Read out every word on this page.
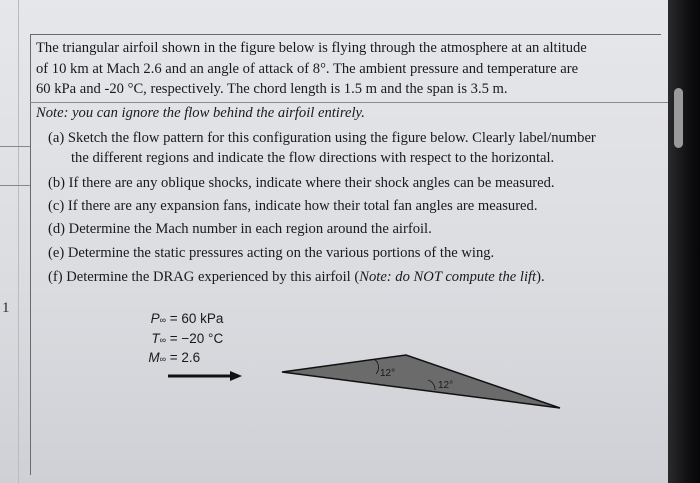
1
The triangular airfoil shown in the figure below is flying through the atmosphere at an altitude
of 10 km at Mach 2.6 and an angle of attack of 8°. The ambient pressure and temperature are
60 kPa and -20 °C, respectively. The chord length is 1.5 m and the span is 3.5 m.
Note: you can ignore the flow behind the airfoil entirely.
(a) Sketch the flow pattern for this configuration using the figure below. Clearly label/number
the different regions and indicate the flow directions with respect to the horizontal.
(b) If there are any oblique shocks, indicate where their shock angles can be measured.
(c) If there are any expansion fans, indicate how their total fan angles are measured.
(d) Determine the Mach number in each region around the airfoil.
(e) Determine the static pressures acting on the various portions of the wing.
(f) Determine the DRAG experienced by this airfoil (Note: do NOT compute the lift).
P∞ = 60 kPa
T∞ = −20 °C
M∞ = 2.6
12°
12°
